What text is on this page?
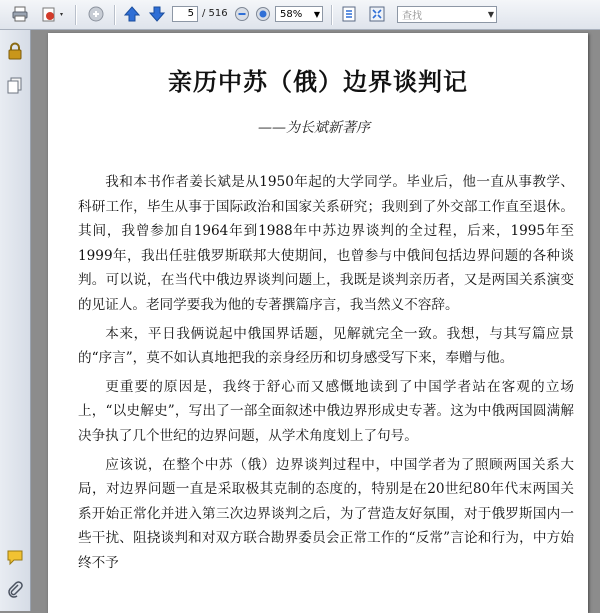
5 / 516	58% ▼	查找	▼
亲历中苏（俄）边界谈判记
——为长斌新著序

我和本书作者姜长斌是从1950年起的大学同学。毕业后，他一直从事教学、科研工作，毕生从事于国际政治和国家关系研究；我则到了外交部工作直至退休。其间，我曾参加自1964年到1988年中苏边界谈判的全过程，后来，1995年至1999年，我出任驻俄罗斯联邦大使期间，也曾参与中俄间包括边界问题的各种谈判。可以说，在当代中俄边界谈判问题上，我既是谈判亲历者，又是两国关系演变的见证人。老同学要我为他的专著撰篇序言，我当然义不容辞。

本来，平日我俩说起中俄国界话题，见解就完全一致。我想，与其写篇应景的“序言”，莫不如认真地把我的亲身经历和切身感受写下来，奉赠与他。

更重要的原因是，我终于舒心而又感慨地读到了中国学者站在客观的立场上，“以史解史”，写出了一部全面叙述中俄边界形成史专著。这为中俄两国圆满解决争执了几个世纪的边界问题，从学术角度划上了句号。

应该说，在整个中苏（俄）边界谈判过程中，中国学者为了照顾两国关系大局，对边界问题一直是采取极其克制的态度的，特别是在20世纪80年代末两国关系开始正常化并进入第三次边界谈判之后，为了营造友好氛围，对于俄罗斯国内一些干扰、阻挠谈判和对双方联合勘界委员会正常工作的“反常”言论和行为，中方始终不予
